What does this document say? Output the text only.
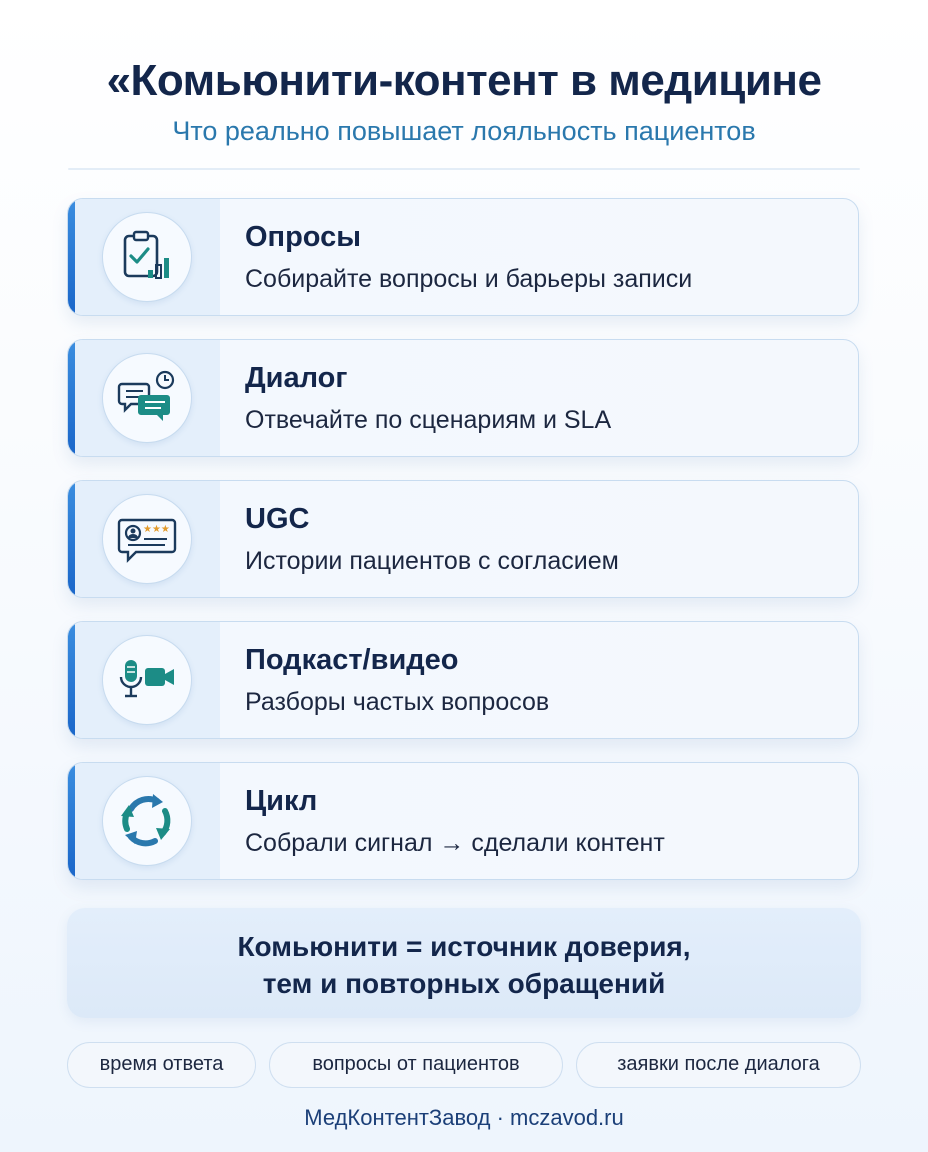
«Комьюнити-контент в медицине
Что реально повышает лояльность пациентов
Опросы
Собирайте вопросы и барьеры записи
Диалог
Отвечайте по сценариям и SLA
★★★	UGC
Истории пациентов с согласием
Подкаст/видео
Разборы частых вопросов
Цикл
Собрали сигнал → сделали контент
Комьюнити = источник доверия,
тем и повторных обращений
время ответа	вопросы от пациентов	заявки после диалога
МедКонтентЗавод · mczavod.ru
